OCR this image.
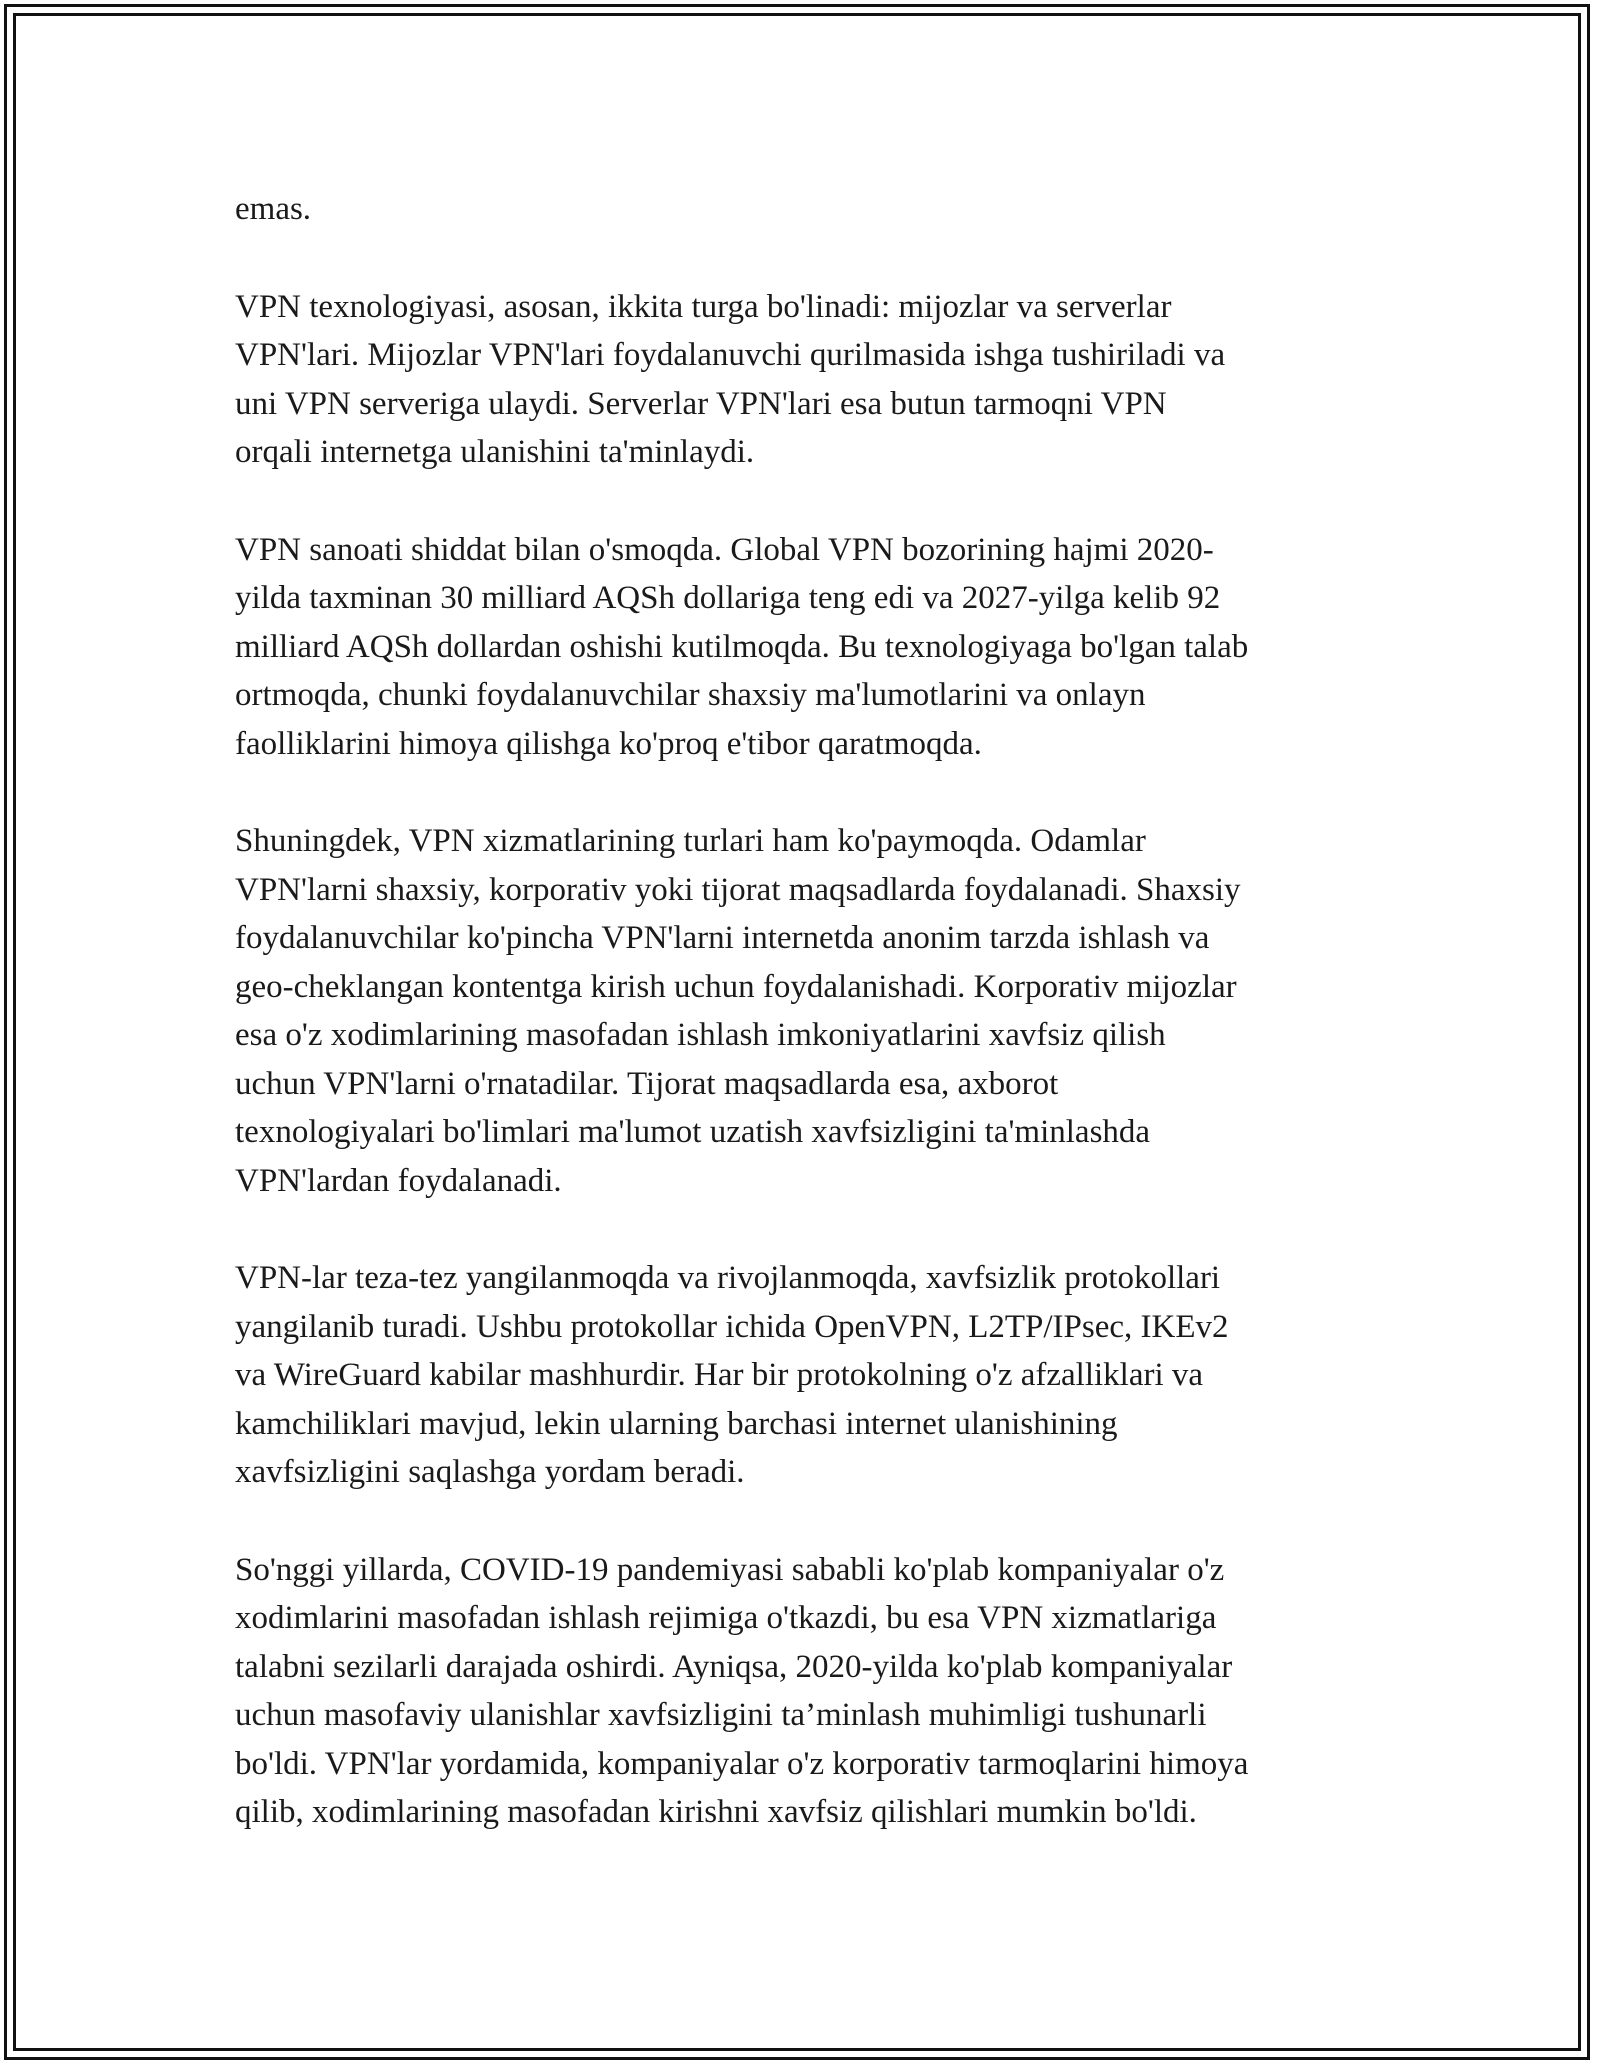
emas.

VPN texnologiyasi, asosan, ikkita turga bo'linadi: mijozlar va serverlar
VPN'lari. Mijozlar VPN'lari foydalanuvchi qurilmasida ishga tushiriladi va
uni VPN serveriga ulaydi. Serverlar VPN'lari esa butun tarmoqni VPN
orqali internetga ulanishini ta'minlaydi.

VPN sanoati shiddat bilan o'smoqda. Global VPN bozorining hajmi 2020-
yilda taxminan 30 milliard AQSh dollariga teng edi va 2027-yilga kelib 92
milliard AQSh dollardan oshishi kutilmoqda. Bu texnologiyaga bo'lgan talab
ortmoqda, chunki foydalanuvchilar shaxsiy ma'lumotlarini va onlayn
faolliklarini himoya qilishga ko'proq e'tibor qaratmoqda.

Shuningdek, VPN xizmatlarining turlari ham ko'paymoqda. Odamlar
VPN'larni shaxsiy, korporativ yoki tijorat maqsadlarda foydalanadi. Shaxsiy
foydalanuvchilar ko'pincha VPN'larni internetda anonim tarzda ishlash va
geo-cheklangan kontentga kirish uchun foydalanishadi. Korporativ mijozlar
esa o'z xodimlarining masofadan ishlash imkoniyatlarini xavfsiz qilish
uchun VPN'larni o'rnatadilar. Tijorat maqsadlarda esa, axborot
texnologiyalari bo'limlari ma'lumot uzatish xavfsizligini ta'minlashda
VPN'lardan foydalanadi.

VPN-lar teza-tez yangilanmoqda va rivojlanmoqda, xavfsizlik protokollari
yangilanib turadi. Ushbu protokollar ichida OpenVPN, L2TP/IPsec, IKEv2
va WireGuard kabilar mashhurdir. Har bir protokolning o'z afzalliklari va
kamchiliklari mavjud, lekin ularning barchasi internet ulanishining
xavfsizligini saqlashga yordam beradi.

So'nggi yillarda, COVID-19 pandemiyasi sababli ko'plab kompaniyalar o'z
xodimlarini masofadan ishlash rejimiga o'tkazdi, bu esa VPN xizmatlariga
talabni sezilarli darajada oshirdi. Ayniqsa, 2020-yilda ko'plab kompaniyalar
uchun masofaviy ulanishlar xavfsizligini ta’minlash muhimligi tushunarli
bo'ldi. VPN'lar yordamida, kompaniyalar o'z korporativ tarmoqlarini himoya
qilib, xodimlarining masofadan kirishni xavfsiz qilishlari mumkin bo'ldi.
